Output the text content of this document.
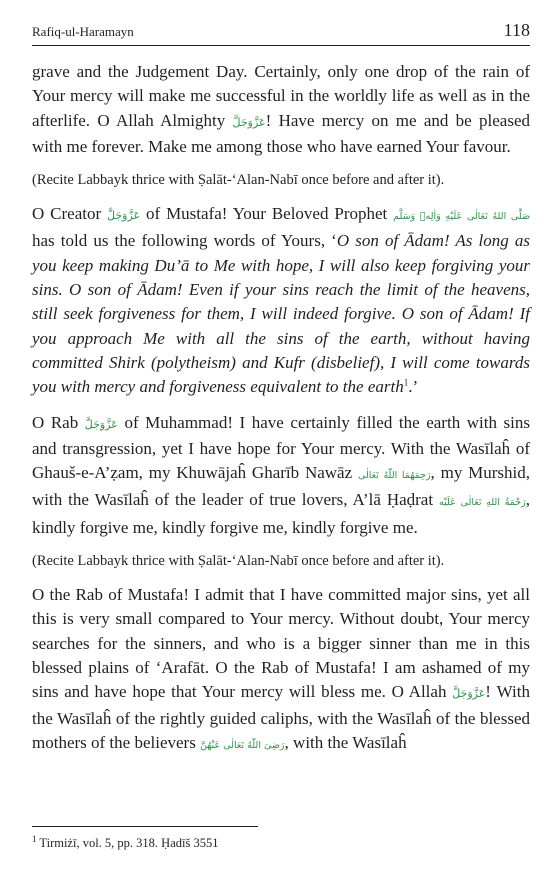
Rafiq-ul-Haramayn	118

grave and the Judgement Day. Certainly, only one drop of the rain of Your mercy will make me successful in the worldly life as well as in the afterlife. O Allah Almighty عَزَّوَجَلَّ! Have mercy on me and be pleased with me forever. Make me among those who have earned Your favour.

(Recite Labbayk thrice with Ṣalāt-‘Alan-Nabī once before and after it).

O Creator عَزَّوَجَلَّ of Mustafa! Your Beloved Prophet صَلَّى اللهُ تَعَالٰى عَلَيْهِ وَاٰلِهٖ وَسَلَّم has told us the following words of Yours, ‘O son of Ādam! As long as you keep making Du’ā to Me with hope, I will also keep forgiving your sins. O son of Ādam! Even if your sins reach the limit of the heavens, still seek forgiveness for them, I will indeed forgive. O son of Ādam! If you approach Me with all the sins of the earth, without having committed Shirk (polytheism) and Kufr (disbelief), I will come towards you with mercy and forgiveness equivalent to the earth$^1$.’

O Rab عَزَّوَجَلَّ of Muhammad! I have certainly filled the earth with sins and transgression, yet I have hope for Your mercy. With the Wasīlaĥ of Ghauš-e-A’ẓam, my Khuwājaĥ Gharīb Nawāz رَحِمَهُمَا اللّٰهُ تَعَالٰى, my Murshid, with the Wasīlaĥ of the leader of true lovers, A’lā Ḥaḍrat رَحْمَةُ اللهِ تَعَالٰى عَلَيْه, kindly forgive me, kindly forgive me, kindly forgive me.

(Recite Labbayk thrice with Ṣalāt-‘Alan-Nabī once before and after it).

O the Rab of Mustafa! I admit that I have committed major sins, yet all this is very small compared to Your mercy. Without doubt, Your mercy searches for the sinners, and who is a bigger sinner than me in this blessed plains of ‘Arafāt. O the Rab of Mustafa! I am ashamed of my sins and have hope that Your mercy will bless me. O Allah عَزَّوَجَلَّ! With the Wasīlaĥ of the rightly guided caliphs, with the Wasīlaĥ of the blessed mothers of the believers رَضِیَ اللّٰهُ تَعَالٰی عَنْهُنَّ, with the Wasīlaĥ

$^1$ Tirmiżī, vol. 5, pp. 318. Ḥadīš 3551
